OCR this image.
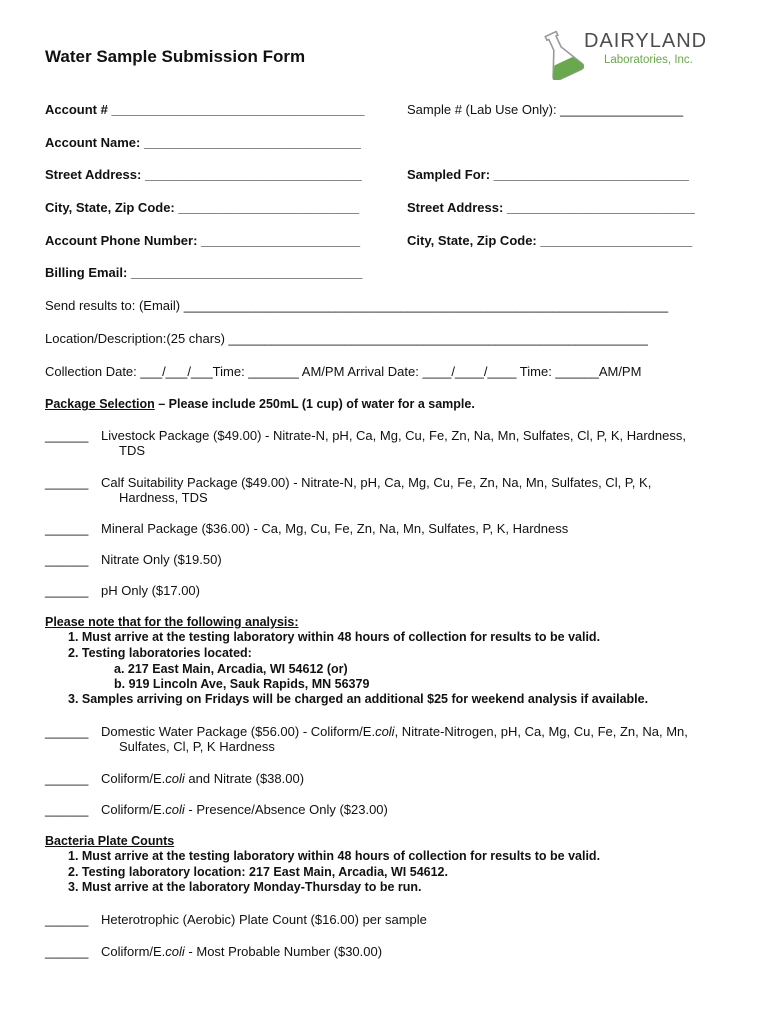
Water Sample Submission Form
DAIRYLAND
Laboratories, Inc.
Account # ___________________________________	Sample # (Lab Use Only): _________________
Account Name: ______________________________
Street Address: ______________________________	Sampled For: ___________________________
City, State, Zip Code: _________________________	Street Address: __________________________
Account Phone Number: ______________________	City, State, Zip Code: _____________________
Billing Email: ________________________________
Send results to: (Email) ___________________________________________________________________
Location/Description:(25 chars) __________________________________________________________
Collection Date: ___/___/___Time: _______ AM/PM Arrival Date: ____/____/____ Time: ______AM/PM
Package Selection – Please include 250mL (1 cup) of water for a sample.
______ Livestock Package ($49.00) - Nitrate-N, pH, Ca, Mg, Cu, Fe, Zn, Na, Mn, Sulfates, Cl, P, K, Hardness,
TDS
______ Calf Suitability Package ($49.00) - Nitrate-N, pH, Ca, Mg, Cu, Fe, Zn, Na, Mn, Sulfates, Cl, P, K,
Hardness, TDS
______ Mineral Package ($36.00) - Ca, Mg, Cu, Fe, Zn, Na, Mn, Sulfates, P, K, Hardness
______ Nitrate Only ($19.50)
______ pH Only ($17.00)
Please note that for the following analysis:
1. Must arrive at the testing laboratory within 48 hours of collection for results to be valid.
2. Testing laboratories located:
a. 217 East Main, Arcadia, WI 54612 (or)
b. 919 Lincoln Ave, Sauk Rapids, MN 56379
3. Samples arriving on Fridays will be charged an additional $25 for weekend analysis if available.
______ Domestic Water Package ($56.00) - Coliform/E.coli, Nitrate-Nitrogen, pH, Ca, Mg, Cu, Fe, Zn, Na, Mn,
Sulfates, Cl, P, K Hardness
______ Coliform/E.coli and Nitrate ($38.00)
______ Coliform/E.coli - Presence/Absence Only ($23.00)
Bacteria Plate Counts
1. Must arrive at the testing laboratory within 48 hours of collection for results to be valid.
2. Testing laboratory location: 217 East Main, Arcadia, WI 54612.
3. Must arrive at the laboratory Monday-Thursday to be run.
______ Heterotrophic (Aerobic) Plate Count ($16.00) per sample
______ Coliform/E.coli - Most Probable Number ($30.00)
